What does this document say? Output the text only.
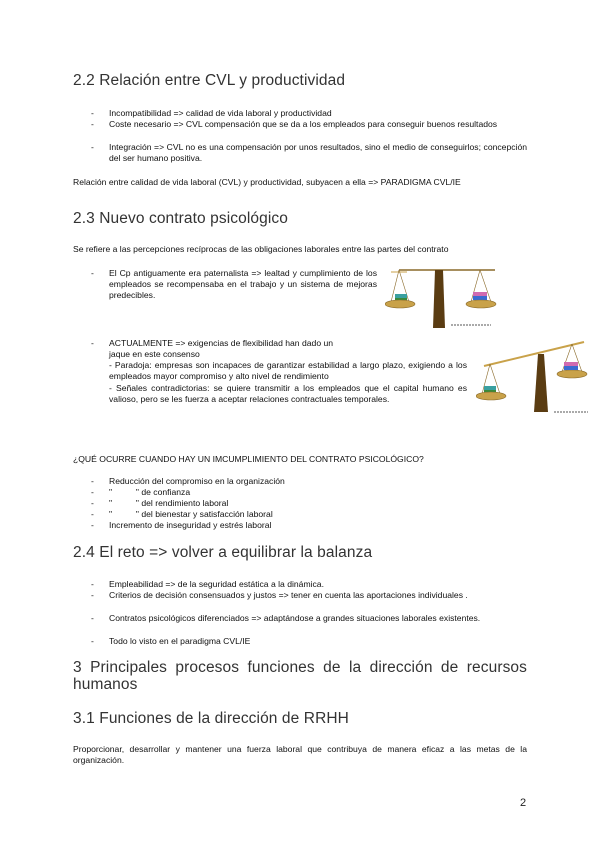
2.2 Relación entre CVL y productividad
- Incompatibilidad => calidad de vida laboral y productividad
- Coste necesario => CVL compensación que se da a los empleados para conseguir buenos resultados
- Integración => CVL no es una compensación por unos resultados, sino el medio de conseguirlos; concepción del ser humano positiva.
Relación entre calidad de vida laboral (CVL) y productividad, subyacen a ella => PARADIGMA CVL/IE
2.3 Nuevo contrato psicológico
Se refiere a las percepciones recíprocas de las obligaciones laborales entre las partes del contrato
- El Cp antiguamente era paternalista => lealtad y cumplimiento de los empleados se recompensaba en el trabajo y un sistema de mejoras predecibles.
- ACTUALMENTE => exigencias de flexibilidad han dado un
jaque en este consenso
- Paradoja: empresas son incapaces de garantizar estabilidad a largo plazo, exigiendo a los empleados mayor compromiso y alto nivel de rendimiento
- Señales contradictorias: se quiere transmitir a los empleados que el capital humano es valioso, pero se les fuerza a aceptar relaciones contractuales temporales.
¿QUÉ OCURRE CUANDO HAY UN IMCUMPLIMIENTO DEL CONTRATO PSICOLÓGICO?
- Reducción del compromiso en la organización
- "          " de confianza
- "          " del rendimiento laboral
- "          " del bienestar y satisfacción laboral
- Incremento de inseguridad y estrés laboral
2.4 El reto => volver a equilibrar la balanza
- Empleabilidad => de la seguridad estática a la dinámica.
- Criterios de decisión consensuados y justos => tener en cuenta las aportaciones individuales .
- Contratos psicológicos diferenciados => adaptándose a grandes situaciones laborales existentes.
- Todo lo visto en el paradigma CVL/IE
3 Principales procesos funciones de la dirección de recursos humanos
3.1 Funciones de la dirección de RRHH
Proporcionar, desarrollar y mantener una fuerza laboral que contribuya de manera eficaz a las metas de la organización.
2
